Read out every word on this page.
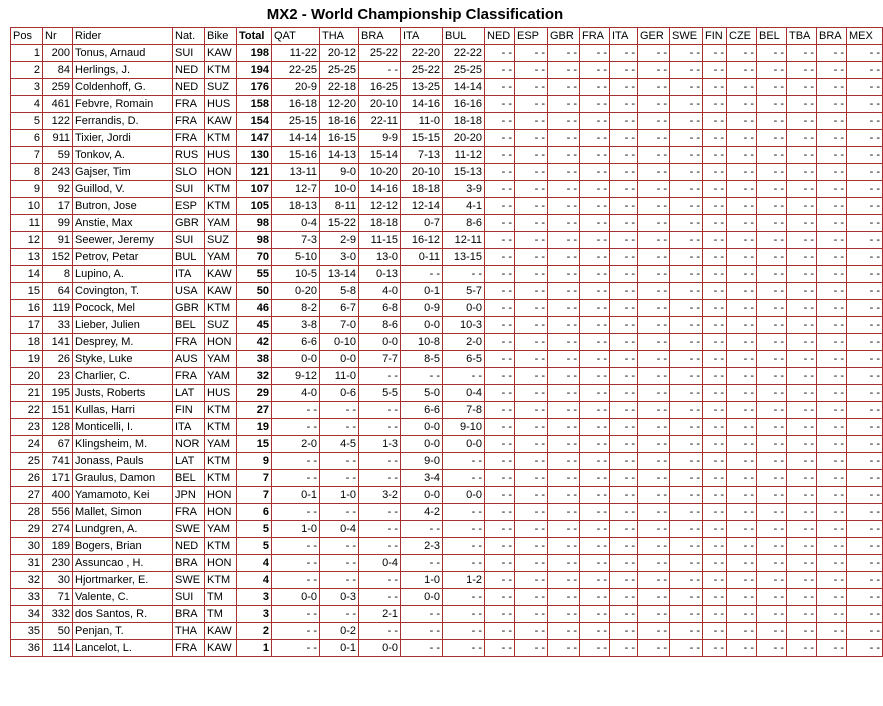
MX2 - World Championship Classification
Pos	Nr	Rider	Nat.	Bike	Total	QAT	THA	BRA	ITA	BUL	NED	ESP	GBR	FRA	ITA	GER	SWE	FIN	CZE	BEL	TBA	BRA	MEX
1	200	Tonus, Arnaud	SUI	KAW	198	11-22	20-12	25-22	22-20	22-22	- -	- -	- -	- -	- -	- -	- -	- -	- -	- -	- -	- -	- -
2	84	Herlings, J.	NED	KTM	194	22-25	25-25	- -	25-22	25-25	- -	- -	- -	- -	- -	- -	- -	- -	- -	- -	- -	- -	- -
3	259	Coldenhoff, G.	NED	SUZ	176	20-9	22-18	16-25	13-25	14-14	- -	- -	- -	- -	- -	- -	- -	- -	- -	- -	- -	- -	- -
4	461	Febvre, Romain	FRA	HUS	158	16-18	12-20	20-10	14-16	16-16	- -	- -	- -	- -	- -	- -	- -	- -	- -	- -	- -	- -	- -
5	122	Ferrandis, D.	FRA	KAW	154	25-15	18-16	22-11	11-0	18-18	- -	- -	- -	- -	- -	- -	- -	- -	- -	- -	- -	- -	- -
6	911	Tixier, Jordi	FRA	KTM	147	14-14	16-15	9-9	15-15	20-20	- -	- -	- -	- -	- -	- -	- -	- -	- -	- -	- -	- -	- -
7	59	Tonkov, A.	RUS	HUS	130	15-16	14-13	15-14	7-13	11-12	- -	- -	- -	- -	- -	- -	- -	- -	- -	- -	- -	- -	- -
8	243	Gajser, Tim	SLO	HON	121	13-11	9-0	10-20	20-10	15-13	- -	- -	- -	- -	- -	- -	- -	- -	- -	- -	- -	- -	- -
9	92	Guillod, V.	SUI	KTM	107	12-7	10-0	14-16	18-18	3-9	- -	- -	- -	- -	- -	- -	- -	- -	- -	- -	- -	- -	- -
10	17	Butron, Jose	ESP	KTM	105	18-13	8-11	12-12	12-14	4-1	- -	- -	- -	- -	- -	- -	- -	- -	- -	- -	- -	- -	- -
11	99	Anstie, Max	GBR	YAM	98	0-4	15-22	18-18	0-7	8-6	- -	- -	- -	- -	- -	- -	- -	- -	- -	- -	- -	- -	- -
12	91	Seewer, Jeremy	SUI	SUZ	98	7-3	2-9	11-15	16-12	12-11	- -	- -	- -	- -	- -	- -	- -	- -	- -	- -	- -	- -	- -
13	152	Petrov, Petar	BUL	YAM	70	5-10	3-0	13-0	0-11	13-15	- -	- -	- -	- -	- -	- -	- -	- -	- -	- -	- -	- -	- -
14	8	Lupino, A.	ITA	KAW	55	10-5	13-14	0-13	- -	- -	- -	- -	- -	- -	- -	- -	- -	- -	- -	- -	- -	- -	- -
15	64	Covington, T.	USA	KAW	50	0-20	5-8	4-0	0-1	5-7	- -	- -	- -	- -	- -	- -	- -	- -	- -	- -	- -	- -	- -
16	119	Pocock, Mel	GBR	KTM	46	8-2	6-7	6-8	0-9	0-0	- -	- -	- -	- -	- -	- -	- -	- -	- -	- -	- -	- -	- -
17	33	Lieber, Julien	BEL	SUZ	45	3-8	7-0	8-6	0-0	10-3	- -	- -	- -	- -	- -	- -	- -	- -	- -	- -	- -	- -	- -
18	141	Desprey, M.	FRA	HON	42	6-6	0-10	0-0	10-8	2-0	- -	- -	- -	- -	- -	- -	- -	- -	- -	- -	- -	- -	- -
19	26	Styke, Luke	AUS	YAM	38	0-0	0-0	7-7	8-5	6-5	- -	- -	- -	- -	- -	- -	- -	- -	- -	- -	- -	- -	- -
20	23	Charlier, C.	FRA	YAM	32	9-12	11-0	- -	- -	- -	- -	- -	- -	- -	- -	- -	- -	- -	- -	- -	- -	- -	- -
21	195	Justs, Roberts	LAT	HUS	29	4-0	0-6	5-5	5-0	0-4	- -	- -	- -	- -	- -	- -	- -	- -	- -	- -	- -	- -	- -
22	151	Kullas, Harri	FIN	KTM	27	- -	- -	- -	6-6	7-8	- -	- -	- -	- -	- -	- -	- -	- -	- -	- -	- -	- -	- -
23	128	Monticelli, I.	ITA	KTM	19	- -	- -	- -	0-0	9-10	- -	- -	- -	- -	- -	- -	- -	- -	- -	- -	- -	- -	- -
24	67	Klingsheim, M.	NOR	YAM	15	2-0	4-5	1-3	0-0	0-0	- -	- -	- -	- -	- -	- -	- -	- -	- -	- -	- -	- -	- -
25	741	Jonass, Pauls	LAT	KTM	9	- -	- -	- -	9-0	- -	- -	- -	- -	- -	- -	- -	- -	- -	- -	- -	- -	- -	- -
26	171	Graulus, Damon	BEL	KTM	7	- -	- -	- -	3-4	- -	- -	- -	- -	- -	- -	- -	- -	- -	- -	- -	- -	- -	- -
27	400	Yamamoto, Kei	JPN	HON	7	0-1	1-0	3-2	0-0	0-0	- -	- -	- -	- -	- -	- -	- -	- -	- -	- -	- -	- -	- -
28	556	Mallet, Simon	FRA	HON	6	- -	- -	- -	4-2	- -	- -	- -	- -	- -	- -	- -	- -	- -	- -	- -	- -	- -	- -
29	274	Lundgren, A.	SWE	YAM	5	1-0	0-4	- -	- -	- -	- -	- -	- -	- -	- -	- -	- -	- -	- -	- -	- -	- -	- -
30	189	Bogers, Brian	NED	KTM	5	- -	- -	- -	2-3	- -	- -	- -	- -	- -	- -	- -	- -	- -	- -	- -	- -	- -	- -
31	230	Assuncao , H.	BRA	HON	4	- -	- -	0-4	- -	- -	- -	- -	- -	- -	- -	- -	- -	- -	- -	- -	- -	- -	- -
32	30	Hjortmarker, E.	SWE	KTM	4	- -	- -	- -	1-0	1-2	- -	- -	- -	- -	- -	- -	- -	- -	- -	- -	- -	- -	- -
33	71	Valente, C.	SUI	TM	3	0-0	0-3	- -	0-0	- -	- -	- -	- -	- -	- -	- -	- -	- -	- -	- -	- -	- -	- -
34	332	dos Santos, R.	BRA	TM	3	- -	- -	2-1	- -	- -	- -	- -	- -	- -	- -	- -	- -	- -	- -	- -	- -	- -	- -
35	50	Penjan, T.	THA	KAW	2	- -	0-2	- -	- -	- -	- -	- -	- -	- -	- -	- -	- -	- -	- -	- -	- -	- -	- -
36	114	Lancelot, L.	FRA	KAW	1	- -	0-1	0-0	- -	- -	- -	- -	- -	- -	- -	- -	- -	- -	- -	- -	- -	- -	- -
